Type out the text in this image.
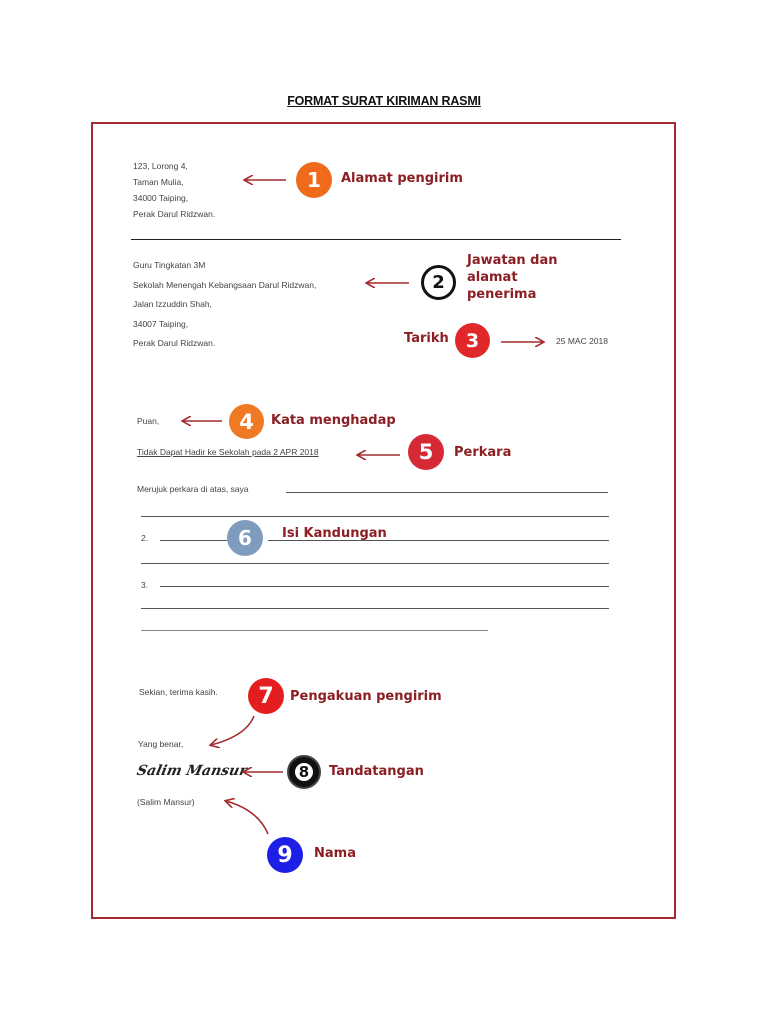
FORMAT SURAT KIRIMAN RASMI
123, Lorong 4,
Taman Mulia,
34000 Taiping,
Perak Darul Ridzwan.
Guru Tingkatan 3M
Sekolah Menengah Kebangsaan Darul Ridzwan,
Jalan Izzuddin Shah,
34007 Taiping,
Perak Darul Ridzwan.	25 MAC 2018
Puan,
Tidak Dapat Hadir ke Sekolah pada 2 APR 2018
Merujuk perkara di atas, saya
2.
3.
Sekian, terima kasih.
Yang benar,
Salim Mansur
(Salim Mansur)
1 Alamat pengirim
2
Jawatan dan
alamat
penerima
Tarikh 3
4 Kata menghadap
5 Perkara
6 Isi Kandungan
7 Pengakuan pengirim
8 Tandatangan
9 Nama
